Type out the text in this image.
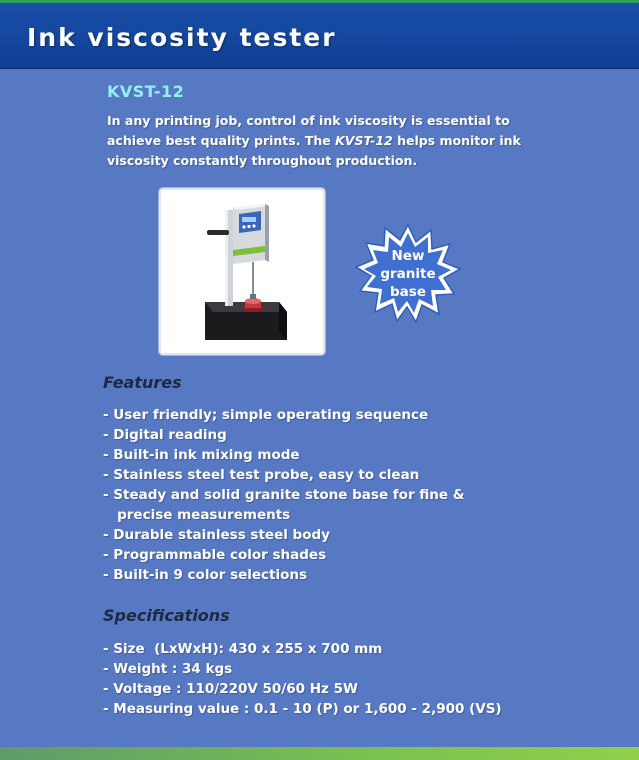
Ink viscosity tester
KVST-12

In any printing job, control of ink viscosity is essential to achieve best quality prints. The KVST-12 helps monitor ink viscosity constantly throughout production.

New
granite
base
Features
- User friendly; simple operating sequence
- Digital reading
- Built-in ink mixing mode
- Stainless steel test probe, easy to clean
- Steady and solid granite stone base for fine &
precise measurements
- Durable stainless steel body
- Programmable color shades
- Built-in 9 color selections
Specifications
- Size  (LxWxH): 430 x 255 x 700 mm
- Weight : 34 kgs
- Voltage : 110/220V 50/60 Hz 5W
- Measuring value : 0.1 - 10 (P) or 1,600 - 2,900 (VS)
